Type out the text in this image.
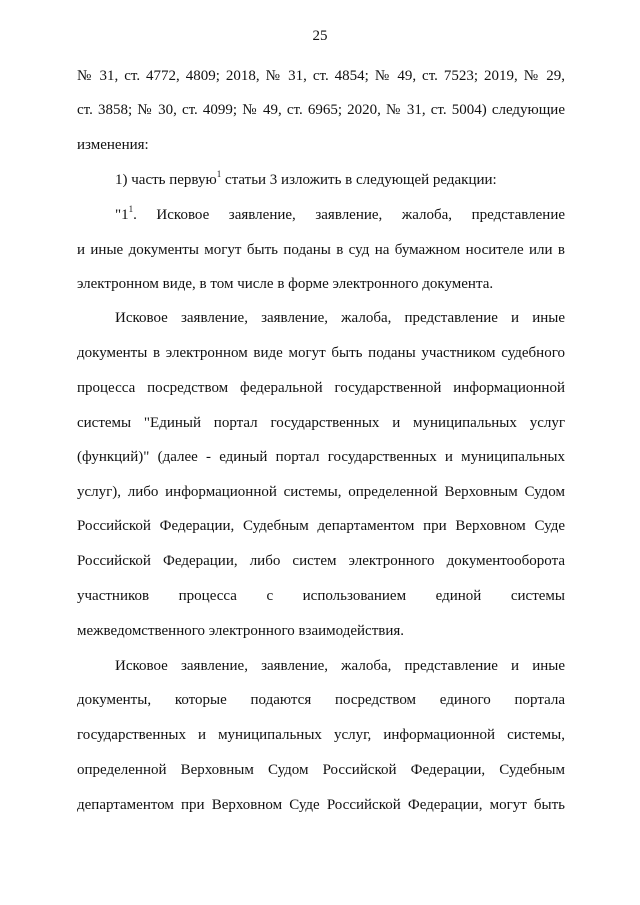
25
№ 31, ст. 4772, 4809; 2018, № 31, ст. 4854; № 49, ст. 7523; 2019, № 29,
ст. 3858; № 30, ст. 4099; № 49, ст. 6965; 2020, № 31, ст. 5004) следующие
изменения:
1) часть первую$^1$ статьи 3 изложить в следующей редакции:
"$1^1$. Исковое заявление, заявление, жалоба, представление
и иные документы могут быть поданы в суд на бумажном носителе или в
электронном виде, в том числе в форме электронного документа.
Исковое заявление, заявление, жалоба, представление и иные
документы в электронном виде могут быть поданы участником судебного
процесса посредством федеральной государственной информационной
системы "Единый портал государственных и муниципальных услуг
(функций)" (далее - единый портал государственных и муниципальных
услуг), либо информационной системы, определенной Верховным Судом
Российской Федерации, Судебным департаментом при Верховном Суде
Российской Федерации, либо систем электронного документооборота
участников процесса с использованием единой системы
межведомственного электронного взаимодействия.
Исковое заявление, заявление, жалоба, представление и иные
документы, которые подаются посредством единого портала
государственных и муниципальных услуг, информационной системы,
определенной Верховным Судом Российской Федерации, Судебным
департаментом при Верховном Суде Российской Федерации, могут быть
